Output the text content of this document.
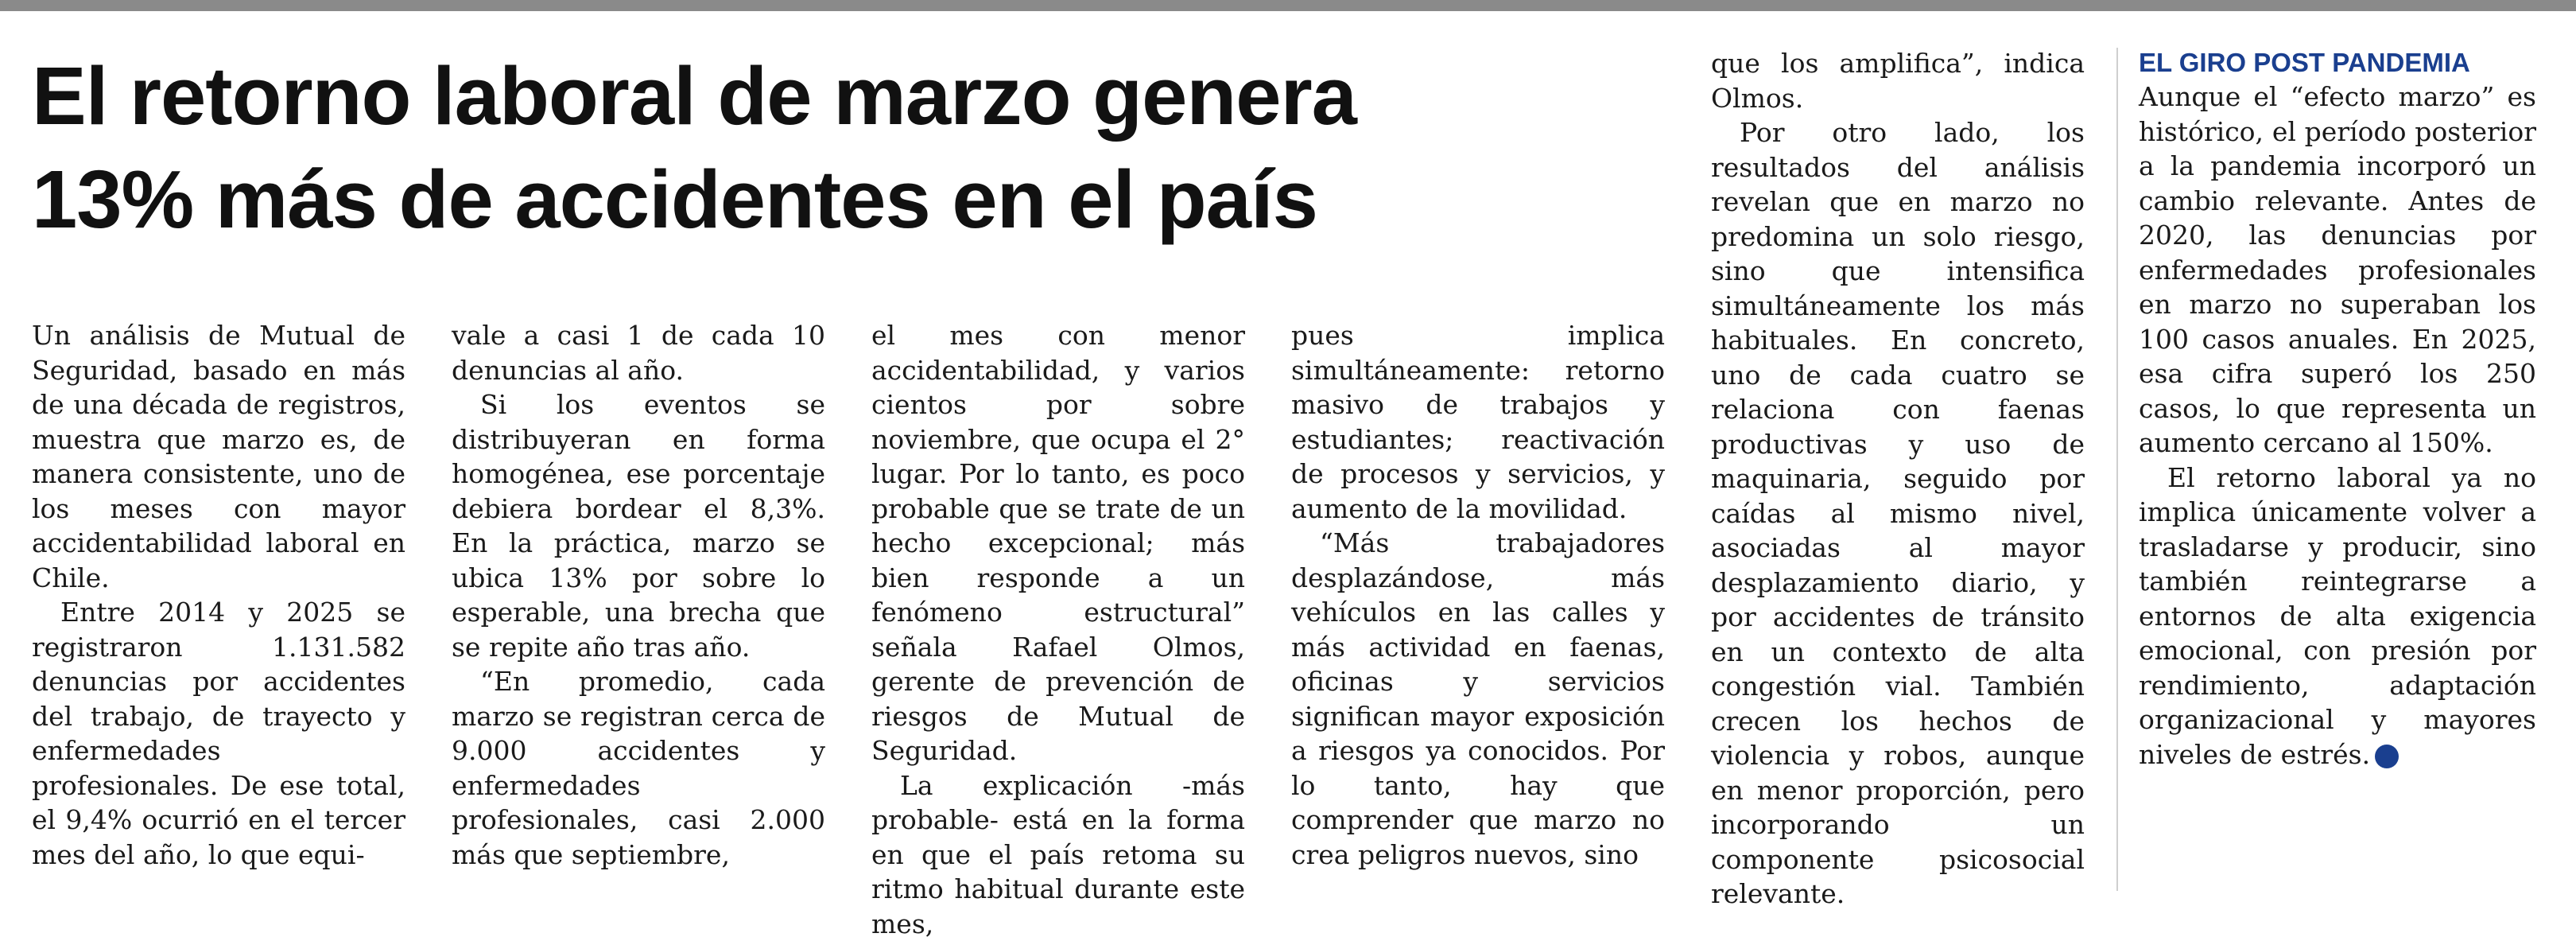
El retorno laboral de marzo genera
13% más de accidentes en el país

Un análisis de Mutual de Seguridad, basado en más de una década de registros, muestra que marzo es, de manera consistente, uno de los meses con mayor accidentabilidad laboral en Chile.

Entre 2014 y 2025 se registraron 1.131.582 denuncias por accidentes del trabajo, de trayecto y enfermedades profesionales. De ese total, el 9,4% ocurrió en el tercer mes del año, lo que equi-

vale a casi 1 de cada 10 denuncias al año.

Si los eventos se distribuyeran en forma homogénea, ese porcentaje debiera bordear el 8,3%. En la práctica, marzo se ubica 13% por sobre lo esperable, una brecha que se repite año tras año.

“En promedio, cada marzo se registran cerca de 9.000 accidentes y enfermedades profesionales, casi 2.000 más que septiembre,

el mes con menor accidentabilidad, y varios cientos por sobre noviembre, que ocupa el 2° lugar. Por lo tanto, es poco probable que se trate de un hecho excepcional; más bien responde a un fenómeno estructural” señala Rafael Olmos, gerente de prevención de riesgos de Mutual de Seguridad.

La explicación -más probable- está en la forma en que el país retoma su ritmo habitual durante este mes,

pues implica simultáneamente: retorno masivo de trabajos y estudiantes; reactivación de procesos y servicios, y aumento de la movilidad.

“Más trabajadores desplazándose, más vehículos en las calles y más actividad en faenas, oficinas y servicios significan mayor exposición a riesgos ya conocidos. Por lo tanto, hay que comprender que marzo no crea peligros nuevos, sino

que los amplifica”, indica Olmos.

Por otro lado, los resultados del análisis revelan que en marzo no predomina un solo riesgo, sino que intensifica simultáneamente los más habituales. En concreto, uno de cada cuatro se relaciona con faenas productivas y uso de maquinaria, seguido por caídas al mismo nivel, asociadas al mayor desplazamiento diario, y por accidentes de tránsito en un contexto de alta congestión vial. También crecen los hechos de violencia y robos, aunque en menor proporción, pero incorporando un componente psicosocial relevante.

EL GIRO POST PANDEMIA

Aunque el “efecto marzo” es histórico, el período posterior a la pandemia incorporó un cambio relevante. Antes de 2020, las denuncias por enfermedades profesionales en marzo no superaban los 100 casos anuales. En 2025, esa cifra superó los 250 casos, lo que representa un aumento cercano al 150%.

El retorno laboral ya no implica únicamente volver a trasladarse y producir, sino también reintegrarse a entornos de alta exigencia emocional, con presión por rendimiento, adaptación organizacional y mayores niveles de estrés. ✪
